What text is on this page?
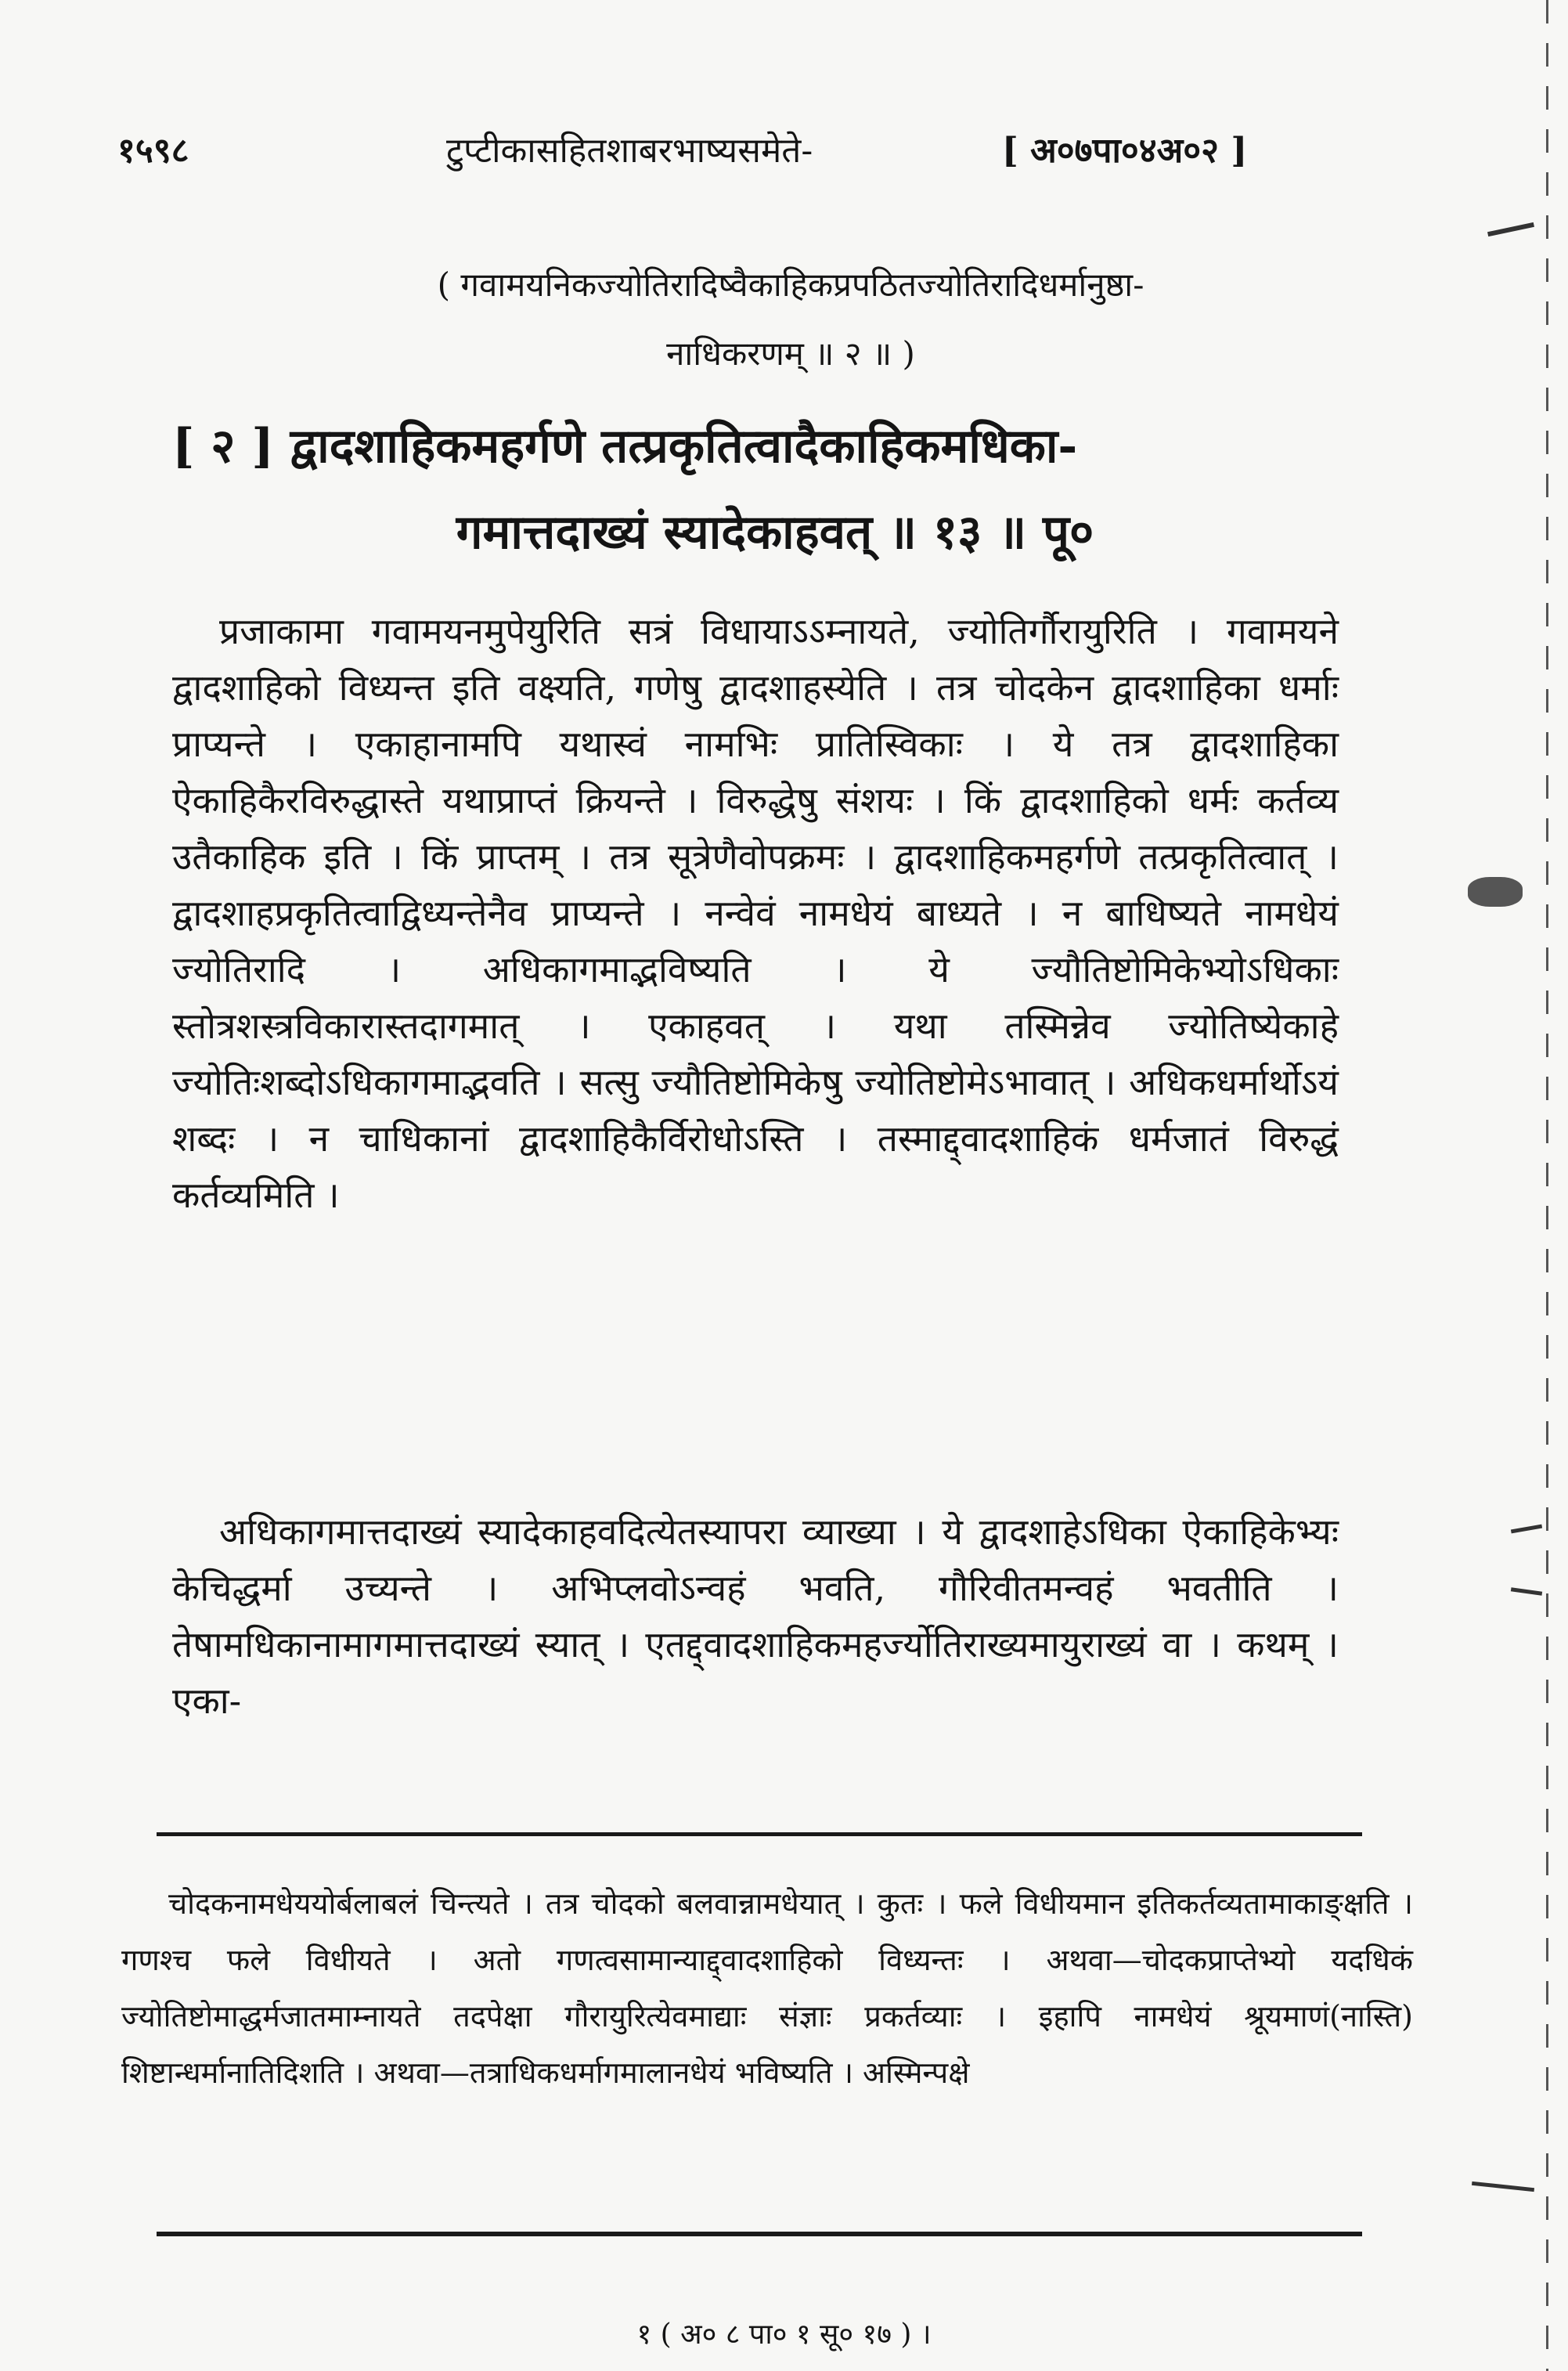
१५९८	टुप्टीकासहितशाबरभाष्यसमेते-	[ अ०७पा०४अ०२ ]
( गवामयनिकज्योतिरादिष्वैकाहिकप्रपठितज्योतिरादिधर्मानुष्ठा-
नाधिकरणम् ॥ २ ॥ )
[ २ ] द्वादशाहिकमहर्गणे तत्प्रकृतित्वादैकाहिकमधिका-
गमात्तदाख्यं स्यादेकाहवत् ॥ १३ ॥ पू०

प्रजाकामा गवामयनमुपेयुरिति सत्रं विधायाऽऽम्नायते, ज्योतिर्गौरायुरिति । गवामयने द्वादशाहिको विध्यन्त इति वक्ष्यति, गणेषु द्वादशाहस्येति । तत्र चोदकेन द्वादशाहिका धर्माः प्राप्यन्ते । एकाहानामपि यथास्वं नामभिः प्रातिस्विकाः । ये तत्र द्वादशाहिका ऐकाहिकैरविरुद्धास्ते यथाप्राप्तं क्रियन्ते । विरुद्धेषु संशयः । किं द्वादशाहिको धर्मः कर्तव्य उतैकाहिक इति । किं प्राप्तम् । तत्र सूत्रेणैवोपक्रमः । द्वादशाहिकमहर्गणे तत्प्रकृतित्वात् । द्वादशाहप्रकृतित्वाद्विध्यन्तेनैव प्राप्यन्ते । नन्वेवं नामधेयं बाध्यते । न बाधिष्यते नामधेयं ज्योतिरादि । अधिकागमाद्भविष्यति । ये ज्यौतिष्टोमिकेभ्योऽधिकाः स्तोत्रशस्त्रविकारास्तदागमात् । एकाहवत् । यथा तस्मिन्नेव ज्योतिष्येकाहे ज्योतिःशब्दोऽधिकागमाद्भवति । सत्सु ज्यौतिष्टोमिकेषु ज्योतिष्टोमेऽभावात् । अधिकधर्मार्थोऽयं शब्दः । न चाधिकानां द्वादशाहिकैर्विरोधोऽस्ति । तस्माद्द्वादशाहिकं धर्मजातं विरुद्धं कर्तव्यमिति ।

अधिकागमात्तदाख्यं स्यादेकाहवदित्येतस्यापरा व्याख्या । ये द्वादशाहेऽधिका ऐकाहिकेभ्यः केचिद्धर्मा उच्यन्ते । अभिप्लवोऽन्वहं भवति, गौरिवीतमन्वहं भवतीति । तेषामधिकानामागमात्तदाख्यं स्यात् । एतद्द्वादशाहिकमहर्ज्योतिराख्यमायुराख्यं वा । कथम् । एका-

चोदकनामधेययोर्बलाबलं चिन्त्यते । तत्र चोदको बलवान्नामधेयात् । कुतः । फले विधीयमान इतिकर्तव्यतामाकाङ्क्षति । गणश्च फले विधीयते । अतो गणत्वसामान्याद्द्वादशाहिको विध्यन्तः । अथवा—चोदकप्राप्तेभ्यो यदधिकं ज्योतिष्टोमाद्धर्मजातमाम्नायते तदपेक्षा गौरायुरित्येवमाद्याः संज्ञाः प्रकर्तव्याः । इहापि नामधेयं श्रूयमाणं(नास्ति) शिष्टान्धर्मानातिदिशति । अथवा—तत्राधिकधर्मागमालानधेयं भविष्यति । अस्मिन्पक्षे

१ ( अ० ८ पा० १ सू० १७ ) ।
